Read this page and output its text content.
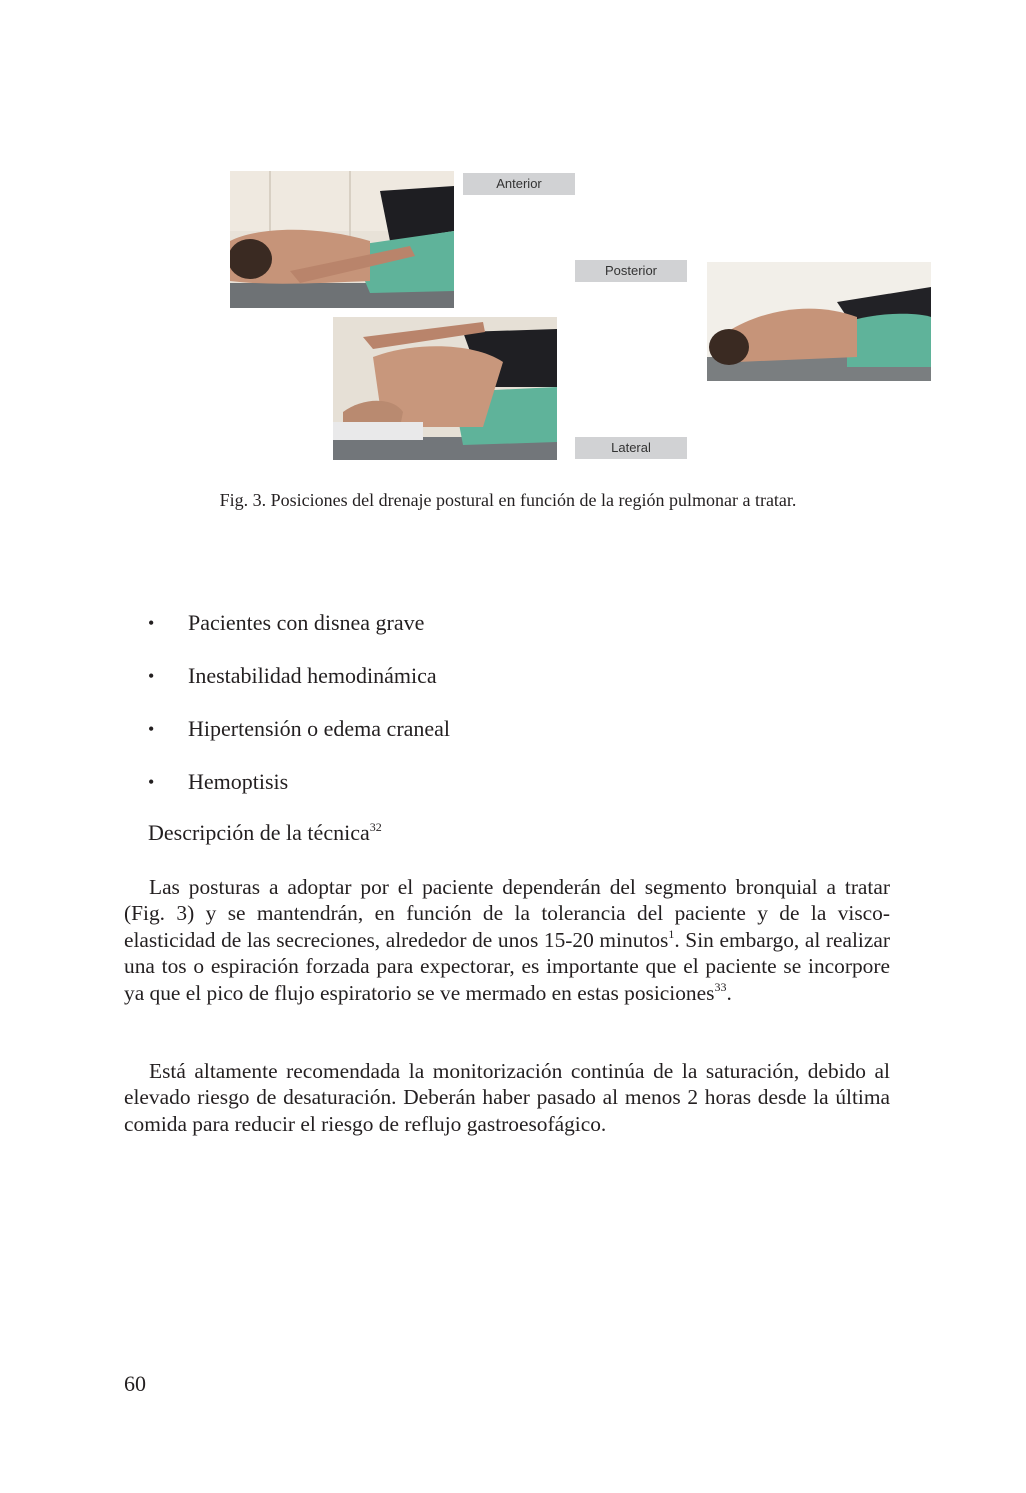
Anterior
Posterior
Lateral
Fig. 3. Posiciones del drenaje postural en función de la región pulmonar a tratar.
•	Pacientes con disnea grave
•	Inestabilidad hemodinámica
•	Hipertensión o edema craneal
•	Hemoptisis
Descripción de la técnica$^{32}$

Las posturas a adoptar por el paciente dependerán del segmento bronquial a tratar (Fig. 3) y se mantendrán, en función de la tolerancia del paciente y de la visco-elasticidad de las secreciones, alrededor de unos 15-20 minutos$^1$. Sin embargo, al realizar una tos o espiración forzada para expectorar, es importante que el paciente se incorpore ya que el pico de flujo espiratorio se ve mermado en estas posiciones$^{33}$.

Está altamente recomendada la monitorización continúa de la saturación, debido al elevado riesgo de desaturación. Deberán haber pasado al menos 2 horas desde la última comida para reducir el riesgo de reflujo gastroesofágico.

60
